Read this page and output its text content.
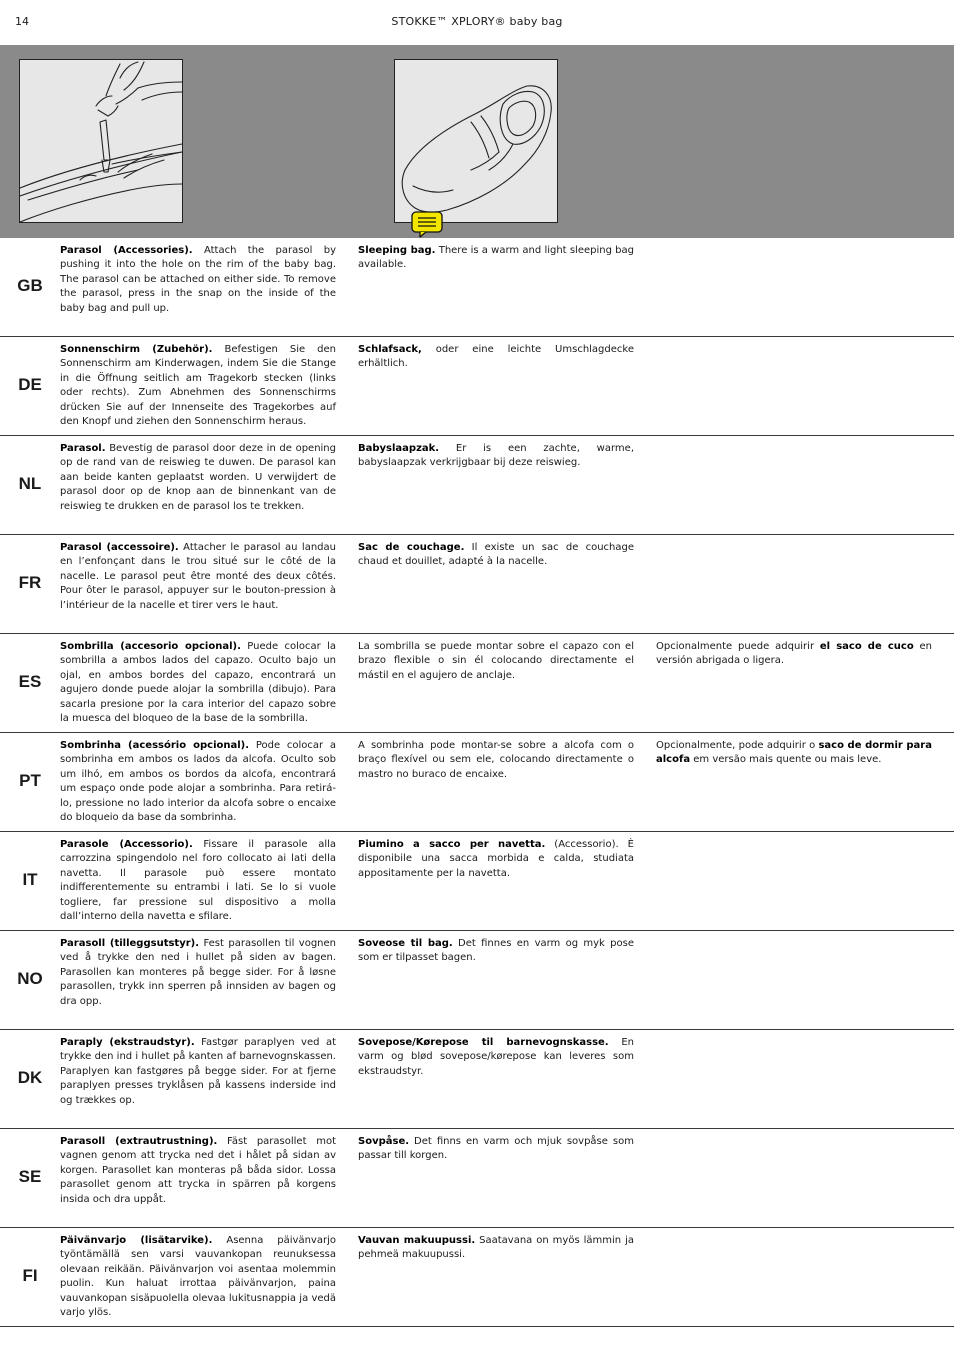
14	STOKKE™ XPLORY® baby bag
GB
Parasol (Accessories). Attach the parasol by pushing it into the hole on the rim of the baby bag. The parasol can be attached on either side. To remove the parasol, press in the snap on the inside of the baby bag and pull up.
Sleeping bag. There is a warm and light sleeping bag available.
DE
Sonnenschirm (Zubehör). Befestigen Sie den Sonnenschirm am Kinderwagen, indem Sie die Stange in die Öffnung seitlich am Tragekorb stecken (links oder rechts). Zum Abnehmen des Sonnenschirms drücken Sie auf der Innenseite des Tragekorbes auf den Knopf und ziehen den Sonnenschirm heraus.
Schlafsack, oder eine leichte Umschlagdecke erhältlich.
NL
Parasol. Bevestig de parasol door deze in de opening op de rand van de reiswieg te duwen. De parasol kan aan beide kanten geplaatst worden. U verwijdert de parasol door op de knop aan de binnenkant van de reiswieg te drukken en de parasol los te trekken.
Babyslaapzak. Er is een zachte, warme, babyslaapzak verkrijgbaar bij deze reiswieg.
FR
Parasol (accessoire). Attacher le parasol au landau en l’enfonçant dans le trou situé sur le côté de la nacelle. Le parasol peut être monté des deux côtés. Pour ôter le parasol, appuyer sur le bouton-pression à l’intérieur de la nacelle et tirer vers le haut.
Sac de couchage. Il existe un sac de couchage chaud et douillet, adapté à la nacelle.
ES
Sombrilla (accesorio opcional). Puede colocar la sombrilla a ambos lados del capazo. Oculto bajo un ojal, en ambos bordes del capazo, encontrará un agujero donde puede alojar la sombrilla (dibujo). Para sacarla presione por la cara interior del capazo sobre la muesca del bloqueo de la base de la sombrilla.
La sombrilla se puede montar sobre el capazo con el brazo flexible o sin él colocando directamente el mástil en el agujero de anclaje.
Opcionalmente puede adquirir el saco de cuco en versión abrigada o ligera.
PT
Sombrinha (acessório opcional). Pode colocar a sombrinha em ambos os lados da alcofa. Oculto sob um ilhó, em ambos os bordos da alcofa, encontrará um espaço onde pode alojar a sombrinha. Para retirá-lo, pressione no lado interior da alcofa sobre o encaixe do bloqueio da base da sombrinha.
A sombrinha pode montar-se sobre a alcofa com o braço flexível ou sem ele, colocando directamente o mastro no buraco de encaixe.
Opcionalmente, pode adquirir o saco de dormir para alcofa em versão mais quente ou mais leve.
IT
Parasole (Accessorio). Fissare il parasole alla carrozzina spingendolo nel foro collocato ai lati della navetta. Il parasole può essere montato indifferentemente su entrambi i lati. Se lo si vuole togliere, far pressione sul dispositivo a molla dall’interno della navetta e sfilare.
Piumino a sacco per navetta. (Accessorio). È disponibile una sacca morbida e calda, studiata appositamente per la navetta.
NO
Parasoll (tilleggsutstyr). Fest parasollen til vognen ved å trykke den ned i hullet på siden av bagen. Parasollen kan monteres på begge sider. For å løsne parasollen, trykk inn sperren på innsiden av bagen og dra opp.
Soveose til bag. Det finnes en varm og myk pose som er tilpasset bagen.
DK
Paraply (ekstraudstyr). Fastgør paraplyen ved at trykke den ind i hullet på kanten af barnevognskassen. Paraplyen kan fastgøres på begge sider. For at fjerne paraplyen presses tryklåsen på kassens inderside ind og trækkes op.
Sovepose/Kørepose til barnevognskasse. En varm og blød sovepose/kørepose kan leveres som ekstraudstyr.
SE
Parasoll (extrautrustning). Fäst parasollet mot vagnen genom att trycka ned det i hålet på sidan av korgen. Parasollet kan monteras på båda sidor. Lossa parasollet genom att trycka in spärren på korgens insida och dra uppåt.
Sovpåse. Det finns en varm och mjuk sovpåse som passar till korgen.
FI
Päivänvarjo (lisätarvike). Asenna päivänvarjo työntämällä sen varsi vauvankopan reunuksessa olevaan reikään. Päivänvarjon voi asentaa molemmin puolin. Kun haluat irrottaa päivänvarjon, paina vauvankopan sisäpuolella olevaa lukitusnappia ja vedä varjo ylös.
Vauvan makuupussi. Saatavana on myös lämmin ja pehmeä makuupussi.
